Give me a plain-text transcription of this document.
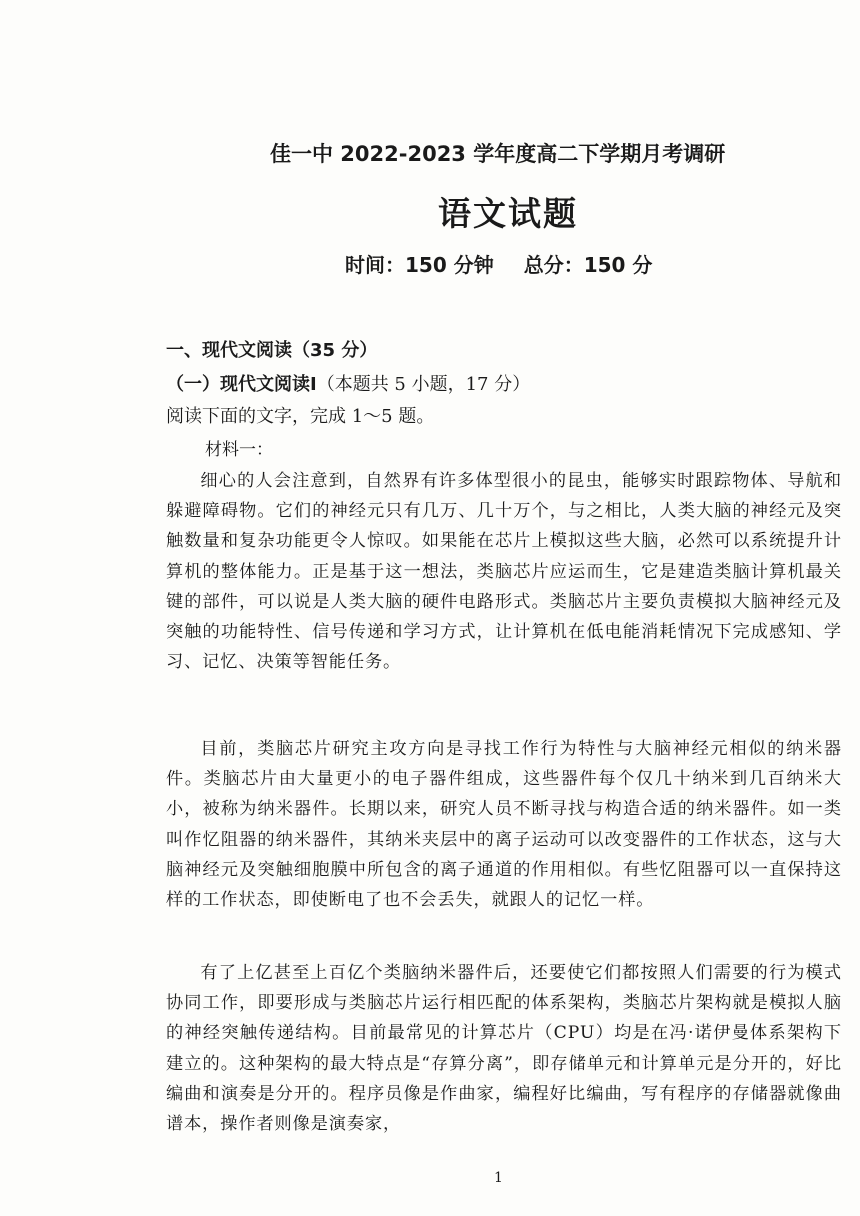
佳一中 2022-2023 学年度高二下学期月考调研
语文试题
时间：150 分钟 总分：150 分
一、现代文阅读（35 分）
（一）现代文阅读Ⅰ（本题共 5 小题，17 分）
阅读下面的文字，完成 1～5 题。
材料一：
细心的人会注意到，自然界有许多体型很小的昆虫，能够实时跟踪物体、导航和躲避障碍物。它们的神经元只有几万、几十万个，与之相比，人类大脑的神经元及突触数量和复杂功能更令人惊叹。如果能在芯片上模拟这些大脑，必然可以系统提升计算机的整体能力。正是基于这一想法，类脑芯片应运而生，它是建造类脑计算机最关键的部件，可以说是人类大脑的硬件电路形式。类脑芯片主要负责模拟大脑神经元及突触的功能特性、信号传递和学习方式，让计算机在低电能消耗情况下完成感知、学习、记忆、决策等智能任务。
目前，类脑芯片研究主攻方向是寻找工作行为特性与大脑神经元相似的纳米器件。类脑芯片由大量更小的电子器件组成，这些器件每个仅几十纳米到几百纳米大小，被称为纳米器件。长期以来，研究人员不断寻找与构造合适的纳米器件。如一类叫作忆阻器的纳米器件，其纳米夹层中的离子运动可以改变器件的工作状态，这与大脑神经元及突触细胞膜中所包含的离子通道的作用相似。有些忆阻器可以一直保持这样的工作状态，即使断电了也不会丢失，就跟人的记忆一样。
有了上亿甚至上百亿个类脑纳米器件后，还要使它们都按照人们需要的行为模式协同工作，即要形成与类脑芯片运行相匹配的体系架构，类脑芯片架构就是模拟人脑的神经突触传递结构。目前最常见的计算芯片（CPU）均是在冯·诺伊曼体系架构下建立的。这种架构的最大特点是“存算分离”，即存储单元和计算单元是分开的，好比编曲和演奏是分开的。程序员像是作曲家，编程好比编曲，写有程序的存储器就像曲谱本，操作者则像是演奏家，
1
